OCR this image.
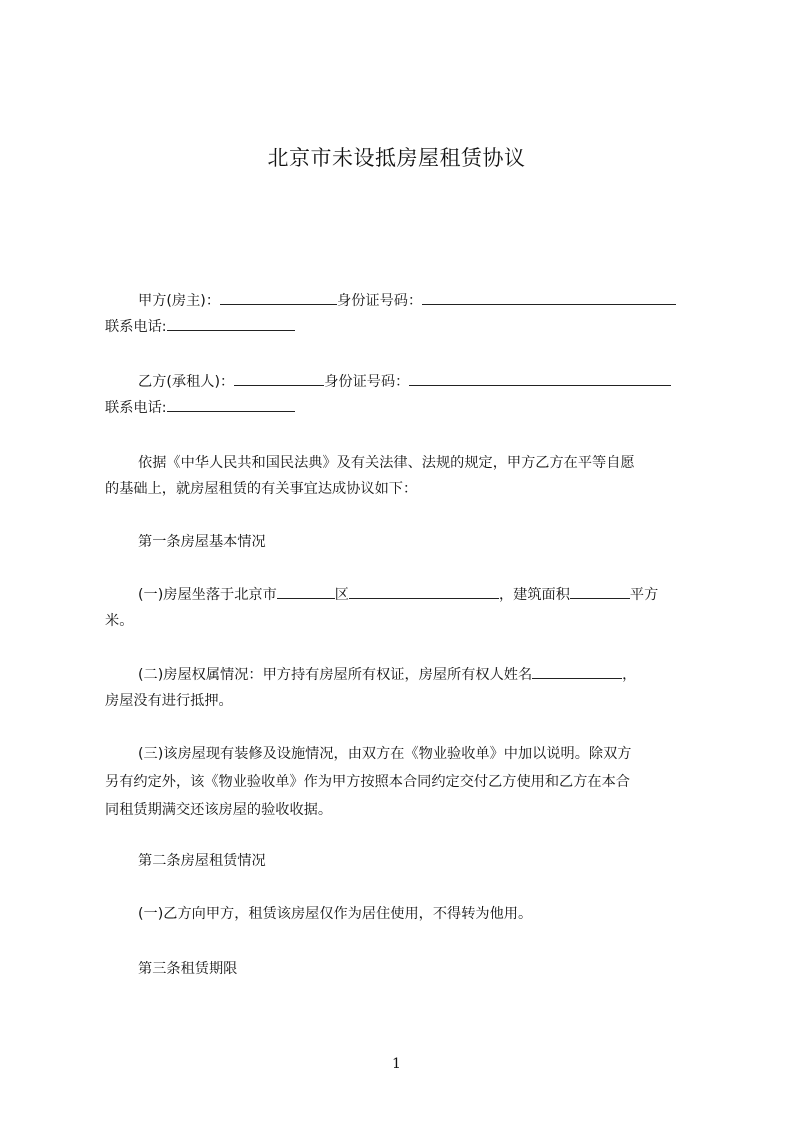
北京市未设抵房屋租赁协议
甲方(房主)：	身份证号码：
联系电话:
乙方(承租人)：	身份证号码：
联系电话:
依据《中华人民共和国民法典》及有关法律、法规的规定，甲方乙方在平等自愿
的基础上，就房屋租赁的有关事宜达成协议如下：
第一条房屋基本情况
(一)房屋坐落于北京市	区	，建筑面积	平方
米。
(二)房屋权属情况：甲方持有房屋所有权证，房屋所有权人姓名	，
房屋没有进行抵押。
(三)该房屋现有装修及设施情况，由双方在《物业验收单》中加以说明。除双方
另有约定外，该《物业验收单》作为甲方按照本合同约定交付乙方使用和乙方在本合
同租赁期满交还该房屋的验收收据。
第二条房屋租赁情况
(一)乙方向甲方，租赁该房屋仅作为居住使用，不得转为他用。
第三条租赁期限
1
